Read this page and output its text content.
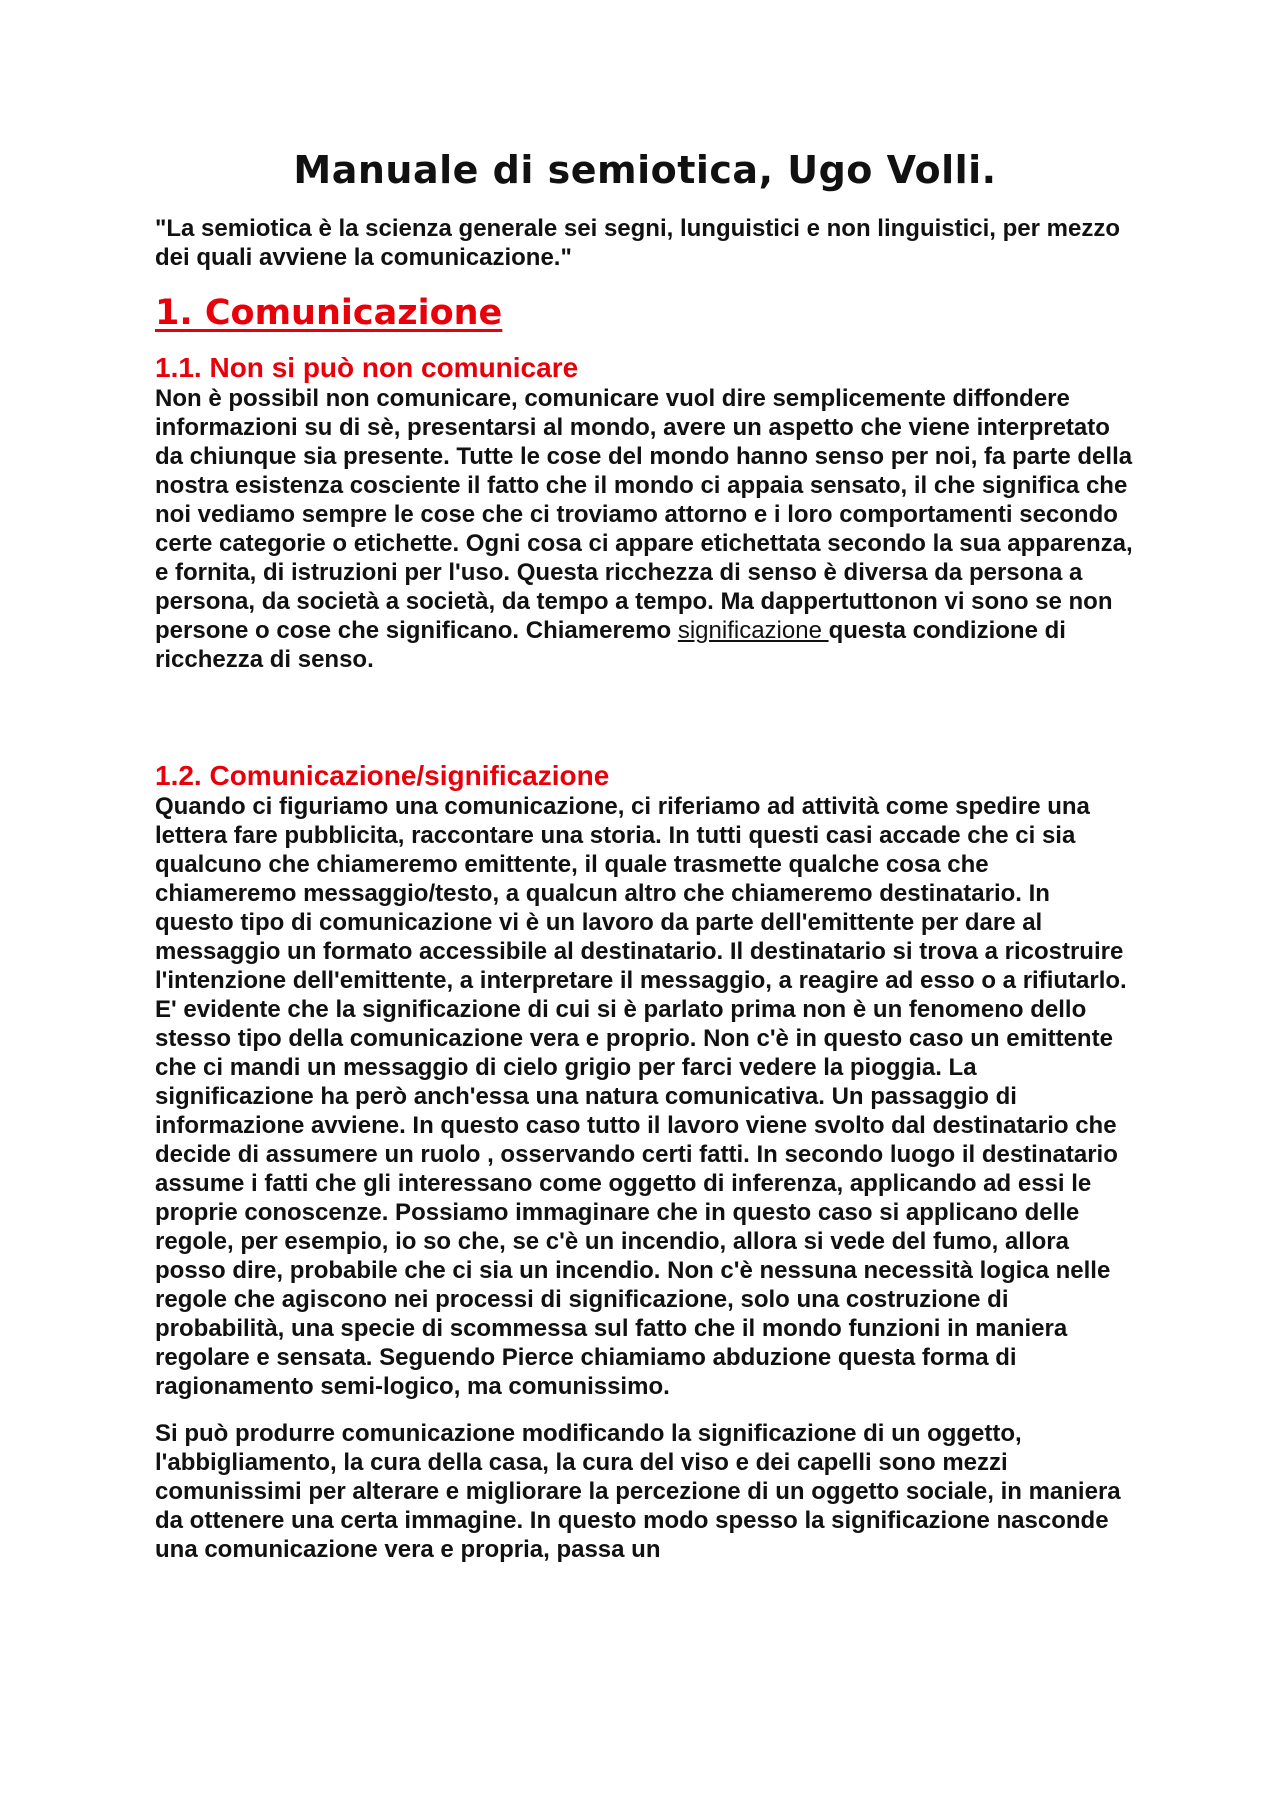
Manuale di semiotica, Ugo Volli.

"La semiotica è la scienza generale sei segni, lunguistici e non linguistici, per mezzo dei quali avviene la comunicazione."

1. Comunicazione
1.1. Non si può non comunicare

Non è possibil non comunicare, comunicare vuol dire semplicemente diffondere informazioni su di sè, presentarsi al mondo, avere un aspetto che viene interpretato da chiunque sia presente. Tutte le cose del mondo hanno senso per noi, fa parte della nostra esistenza cosciente il fatto che il mondo ci appaia sensato, il che significa che noi vediamo sempre le cose che ci troviamo attorno e i loro comportamenti secondo certe categorie o etichette. Ogni cosa ci appare etichettata secondo la sua apparenza, e fornita, di istruzioni per l'uso. Questa ricchezza di senso è diversa da persona a persona, da società a società, da tempo a tempo. Ma dappertuttonon vi sono se non persone o cose che significano. Chiameremo significazione questa condizione di ricchezza di senso.

1.2. Comunicazione/significazione

Quando ci figuriamo una comunicazione, ci riferiamo ad attività come spedire una lettera fare pubblicita, raccontare una storia. In tutti questi casi accade che ci sia qualcuno che chiameremo emittente, il quale trasmette qualche cosa che chiameremo messaggio/testo, a qualcun altro che chiameremo destinatario. In questo tipo di comunicazione vi è un lavoro da parte dell'emittente per dare al messaggio un formato accessibile al destinatario. Il destinatario si trova a ricostruire l'intenzione dell'emittente, a interpretare il messaggio, a reagire ad esso o a rifiutarlo. E' evidente che la significazione di cui si è parlato prima non è un fenomeno dello stesso tipo della comunicazione vera e proprio. Non c'è in questo caso un emittente che ci mandi un messaggio di cielo grigio per farci vedere la pioggia. La significazione ha però anch'essa una natura comunicativa. Un passaggio di informazione avviene. In questo caso tutto il lavoro viene svolto dal destinatario che decide di assumere un ruolo , osservando certi fatti. In secondo luogo il destinatario assume i fatti che gli interessano come oggetto di inferenza, applicando ad essi le proprie conoscenze. Possiamo immaginare che in questo caso si applicano delle regole, per esempio, io so che, se c'è un incendio, allora si vede del fumo, allora posso dire, probabile che ci sia un incendio. Non c'è nessuna necessità logica nelle regole che agiscono nei processi di significazione, solo una costruzione di probabilità, una specie di scommessa sul fatto che il mondo funzioni in maniera regolare e sensata. Seguendo Pierce chiamiamo abduzione questa forma di ragionamento semi-logico, ma comunissimo.

Si può produrre comunicazione modificando la significazione di un oggetto, l'abbigliamento, la cura della casa, la cura del viso e dei capelli sono mezzi comunissimi per alterare e migliorare la percezione di un oggetto sociale, in maniera da ottenere una certa immagine. In questo modo spesso la significazione nasconde una comunicazione vera e propria, passa un
